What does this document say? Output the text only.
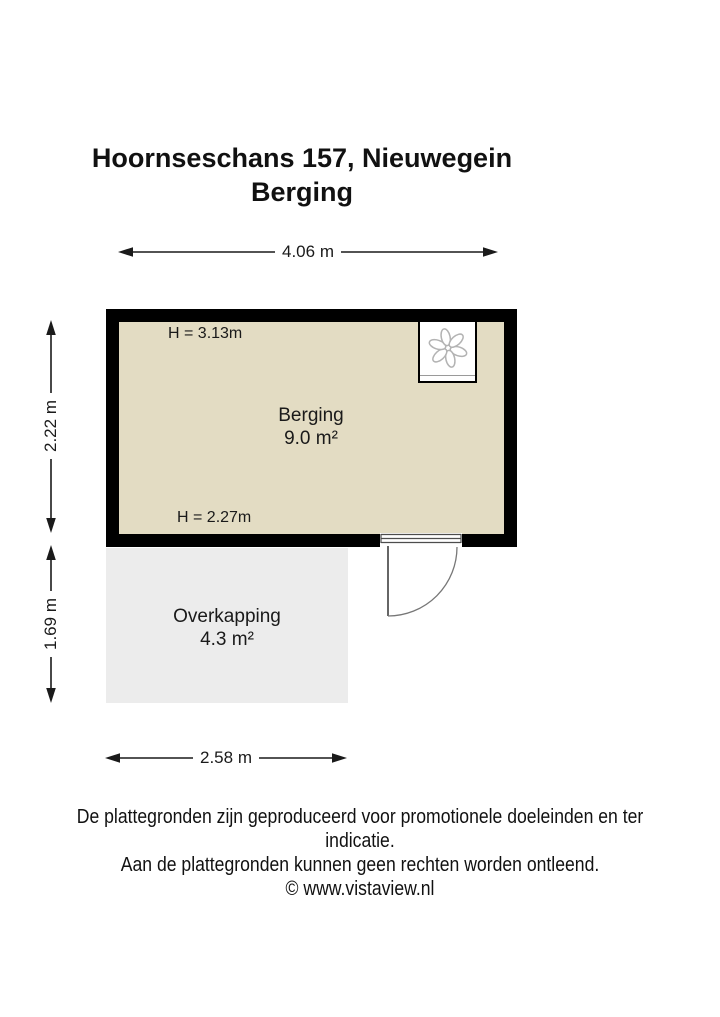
Hoornseschans 157, Nieuwegein
Berging
4.06 m
2.22 m
1.69 m
2.58 m
H = 3.13m
H = 2.27m
Berging
9.0 m²
Overkapping
4.3 m²
De plattegronden zijn geproduceerd voor promotionele doeleinden en ter indicatie.
Aan de plattegronden kunnen geen rechten worden ontleend.
© www.vistaview.nl
